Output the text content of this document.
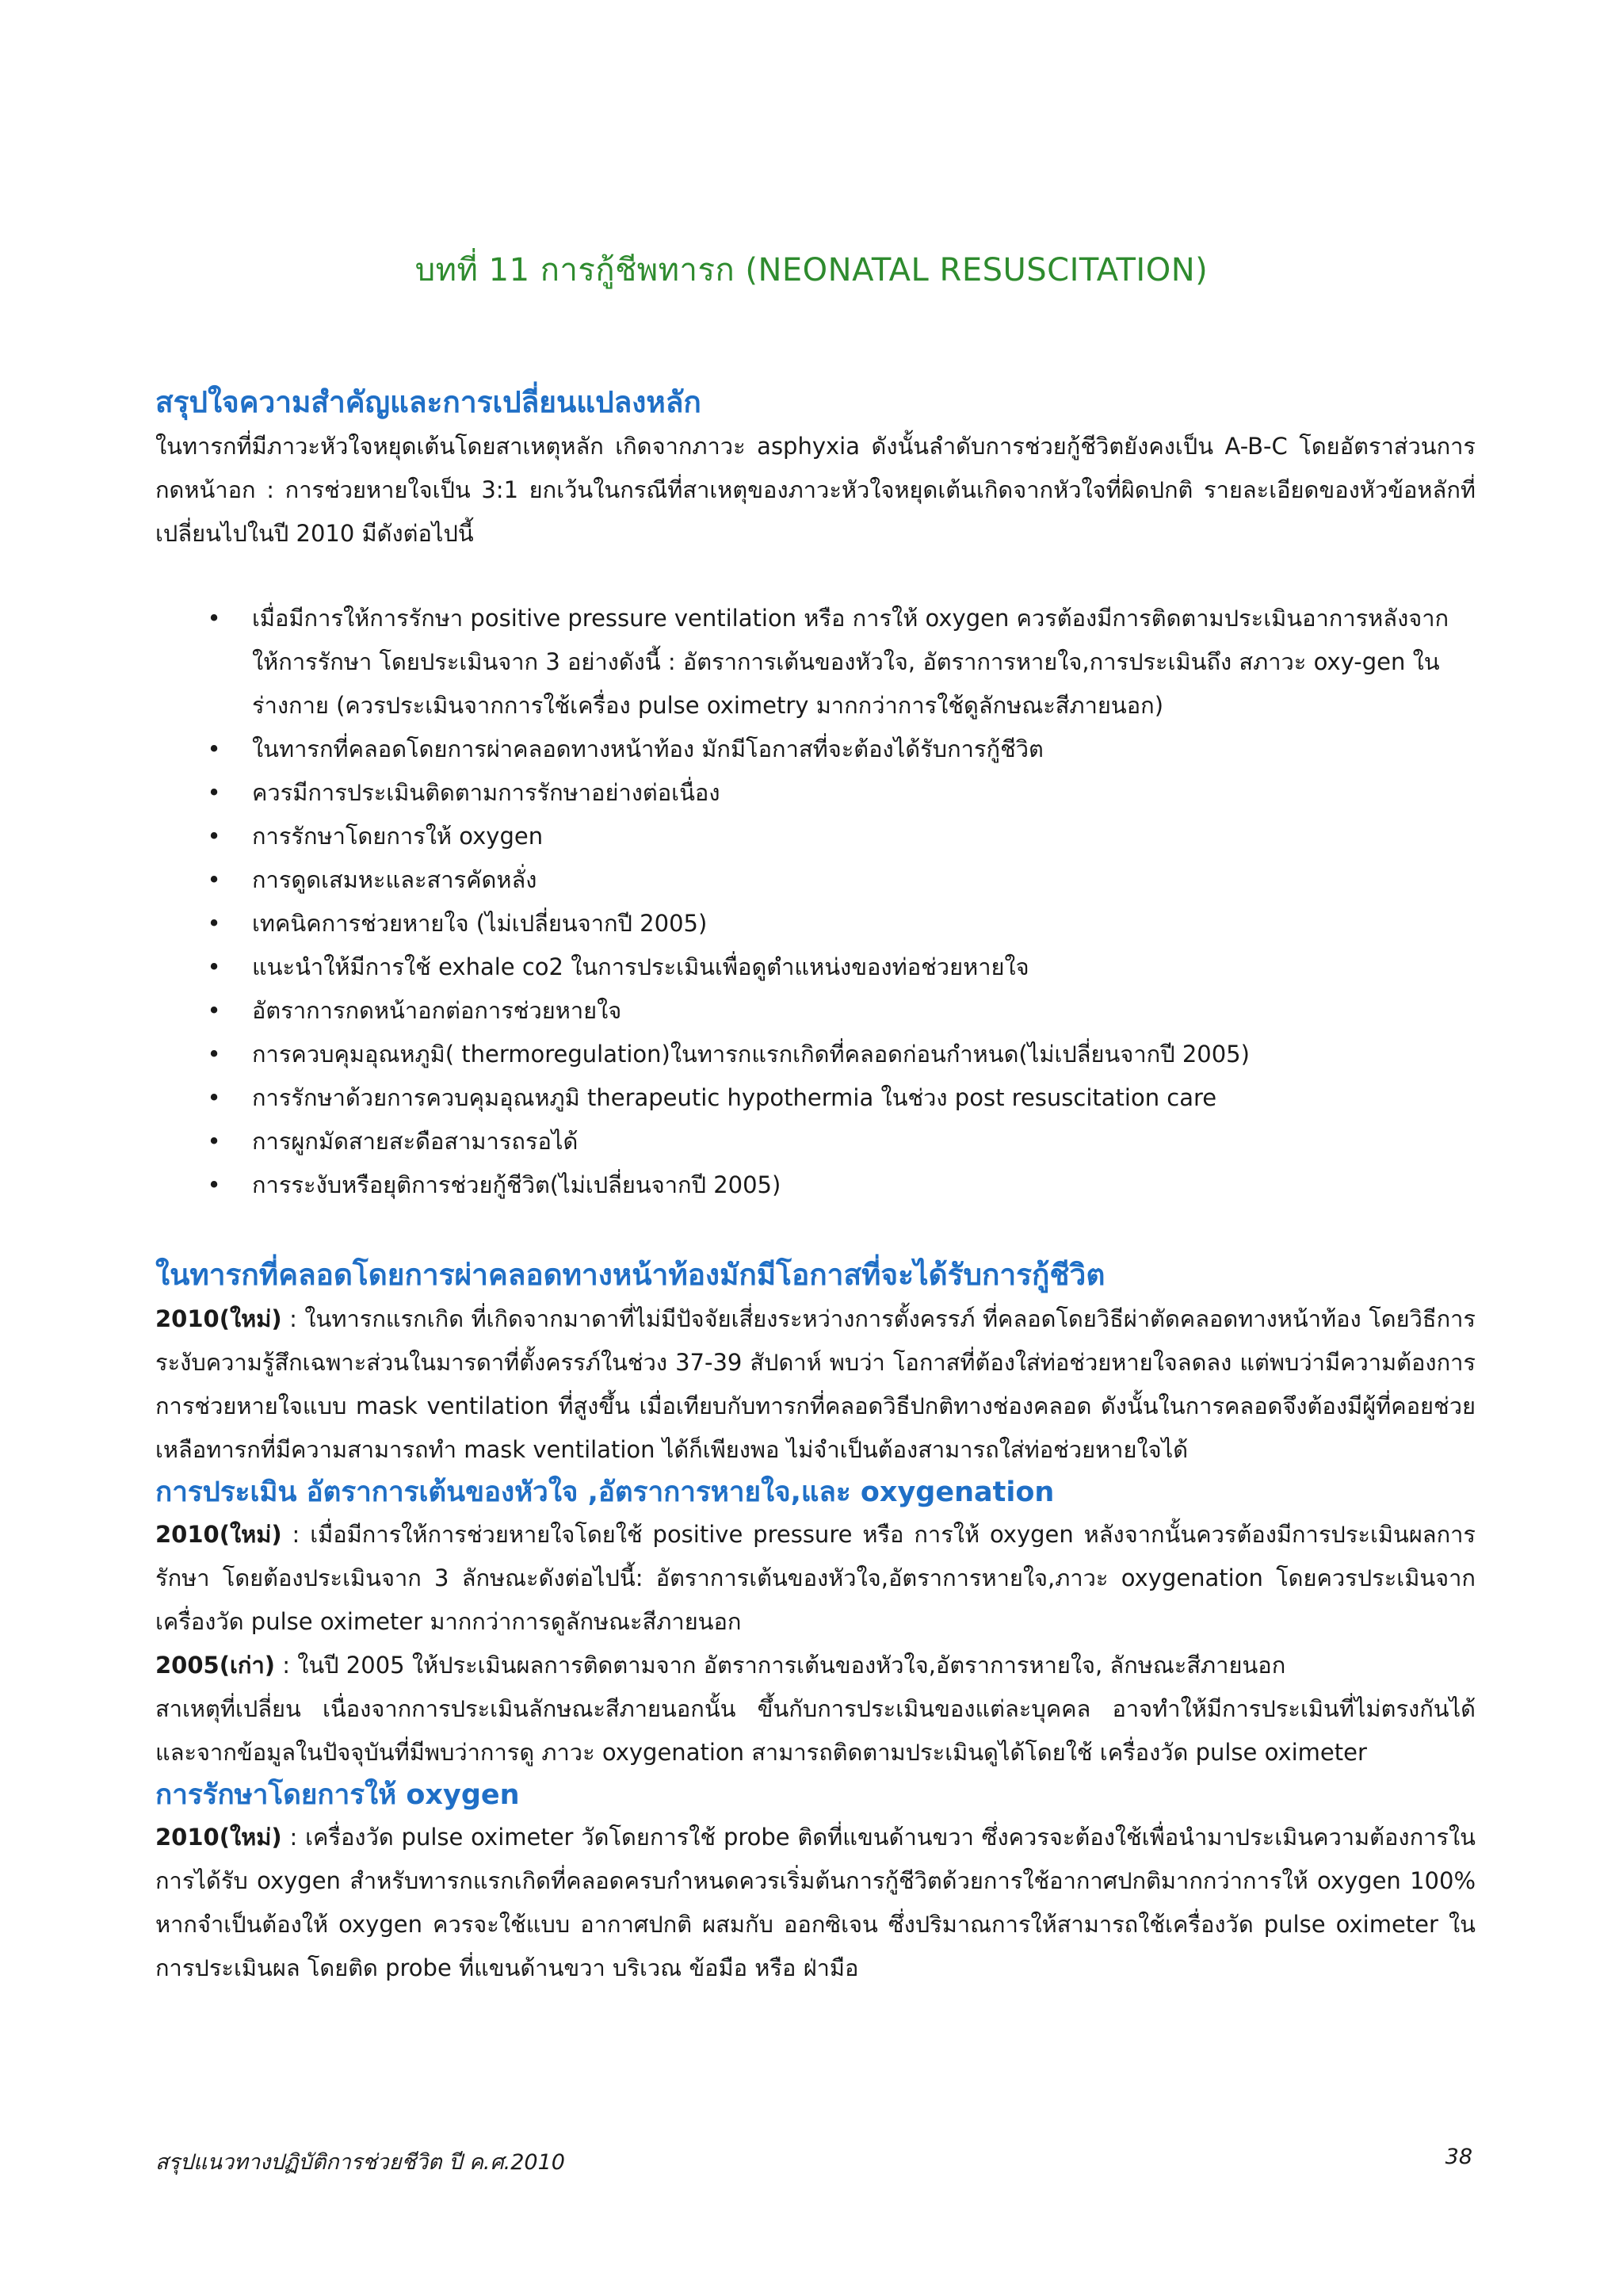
บทที่ 11 การกู้ชีพทารก (NEONATAL RESUSCITATION)
สรุปใจความสำคัญและการเปลี่ยนแปลงหลัก

ในทารกที่มีภาวะหัวใจหยุดเต้นโดยสาเหตุหลัก เกิดจากภาวะ asphyxia ดังนั้นลำดับการช่วยกู้ชีวิตยังคงเป็น A-B-C โดยอัตราส่วนการกดหน้าอก : การช่วยหายใจเป็น 3:1 ยกเว้นในกรณีที่สาเหตุของภาวะหัวใจหยุดเต้นเกิดจากหัวใจที่ผิดปกติ รายละเอียดของหัวข้อหลักที่เปลี่ยนไปในปี 2010 มีดังต่อไปนี้

• เมื่อมีการให้การรักษา positive pressure ventilation หรือ การให้ oxygen ควรต้องมีการติดตามประเมินอาการหลังจากให้การรักษา โดยประเมินจาก 3 อย่างดังนี้ : อัตราการเต้นของหัวใจ, อัตราการหายใจ,การประเมินถึง สภาวะ oxy-gen ในร่างกาย (ควรประเมินจากการใช้เครื่อง pulse oximetry มากกว่าการใช้ดูลักษณะสีภายนอก)
• ในทารกที่คลอดโดยการผ่าคลอดทางหน้าท้อง มักมีโอกาสที่จะต้องได้รับการกู้ชีวิต
• ควรมีการประเมินติดตามการรักษาอย่างต่อเนื่อง
• การรักษาโดยการให้ oxygen
• การดูดเสมหะและสารคัดหลั่ง
• เทคนิคการช่วยหายใจ (ไม่เปลี่ยนจากปี 2005)
• แนะนำให้มีการใช้ exhale co2 ในการประเมินเพื่อดูตำแหน่งของท่อช่วยหายใจ
• อัตราการกดหน้าอกต่อการช่วยหายใจ
• การควบคุมอุณหภูมิ( thermoregulation)ในทารกแรกเกิดที่คลอดก่อนกำหนด(ไม่เปลี่ยนจากปี 2005)
• การรักษาด้วยการควบคุมอุณหภูมิ therapeutic hypothermia ในช่วง post resuscitation care
• การผูกมัดสายสะดือสามารถรอได้
• การระงับหรือยุติการช่วยกู้ชีวิต(ไม่เปลี่ยนจากปี 2005)
ในทารกที่คลอดโดยการผ่าคลอดทางหน้าท้องมักมีโอกาสที่จะได้รับการกู้ชีวิต

2010(ใหม่) : ในทารกแรกเกิด ที่เกิดจากมาดาที่ไม่มีปัจจัยเสี่ยงระหว่างการตั้งครรภ์ ที่คลอดโดยวิธีผ่าตัดคลอดทางหน้าท้อง โดยวิธีการระงับความรู้สึกเฉพาะส่วนในมารดาที่ตั้งครรภ์ในช่วง 37-39 สัปดาห์ พบว่า โอกาสที่ต้องใส่ท่อช่วยหายใจลดลง แต่พบว่ามีความต้องการการช่วยหายใจแบบ mask ventilation ที่สูงขึ้น เมื่อเทียบกับทารกที่คลอดวิธีปกติทางช่องคลอด ดังนั้นในการคลอดจึงต้องมีผู้ที่คอยช่วยเหลือทารกที่มีความสามารถทำ mask ventilation ได้ก็เพียงพอ ไม่จำเป็นต้องสามารถใส่ท่อช่วยหายใจได้

การประเมิน อัตราการเต้นของหัวใจ ,อัตราการหายใจ,และ oxygenation

2010(ใหม่) : เมื่อมีการให้การช่วยหายใจโดยใช้ positive pressure หรือ การให้ oxygen หลังจากนั้นควรต้องมีการประเมินผลการรักษา โดยต้องประเมินจาก 3 ลักษณะดังต่อไปนี้: อัตราการเต้นของหัวใจ,อัตราการหายใจ,ภาวะ oxygenation โดยควรประเมินจากเครื่องวัด pulse oximeter มากกว่าการดูลักษณะสีภายนอก

2005(เก่า) : ในปี 2005 ให้ประเมินผลการติดตามจาก อัตราการเต้นของหัวใจ,อัตราการหายใจ, ลักษณะสีภายนอก

สาเหตุที่เปลี่ยน เนื่องจากการประเมินลักษณะสีภายนอกนั้น ขึ้นกับการประเมินของแต่ละบุคคล อาจทำให้มีการประเมินที่ไม่ตรงกันได้ และจากข้อมูลในปัจจุบันที่มีพบว่าการดู ภาวะ oxygenation สามารถติดตามประเมินดูได้โดยใช้ เครื่องวัด pulse oximeter

การรักษาโดยการให้ oxygen

2010(ใหม่) : เครื่องวัด pulse oximeter วัดโดยการใช้ probe ติดที่แขนด้านขวา ซึ่งควรจะต้องใช้เพื่อนำมาประเมินความต้องการในการได้รับ oxygen สำหรับทารกแรกเกิดที่คลอดครบกำหนดควรเริ่มต้นการกู้ชีวิตด้วยการใช้อากาศปกติมากกว่าการให้ oxygen 100% หากจำเป็นต้องให้ oxygen ควรจะใช้แบบ อากาศปกติ ผสมกับ ออกซิเจน ซึ่งปริมาณการให้สามารถใช้เครื่องวัด pulse oximeter ในการประเมินผล โดยติด probe ที่แขนด้านขวา บริเวณ ข้อมือ หรือ ฝ่ามือ

สรุปแนวทางปฏิบัติการช่วยชีวิต ปี ค.ศ.2010	38
